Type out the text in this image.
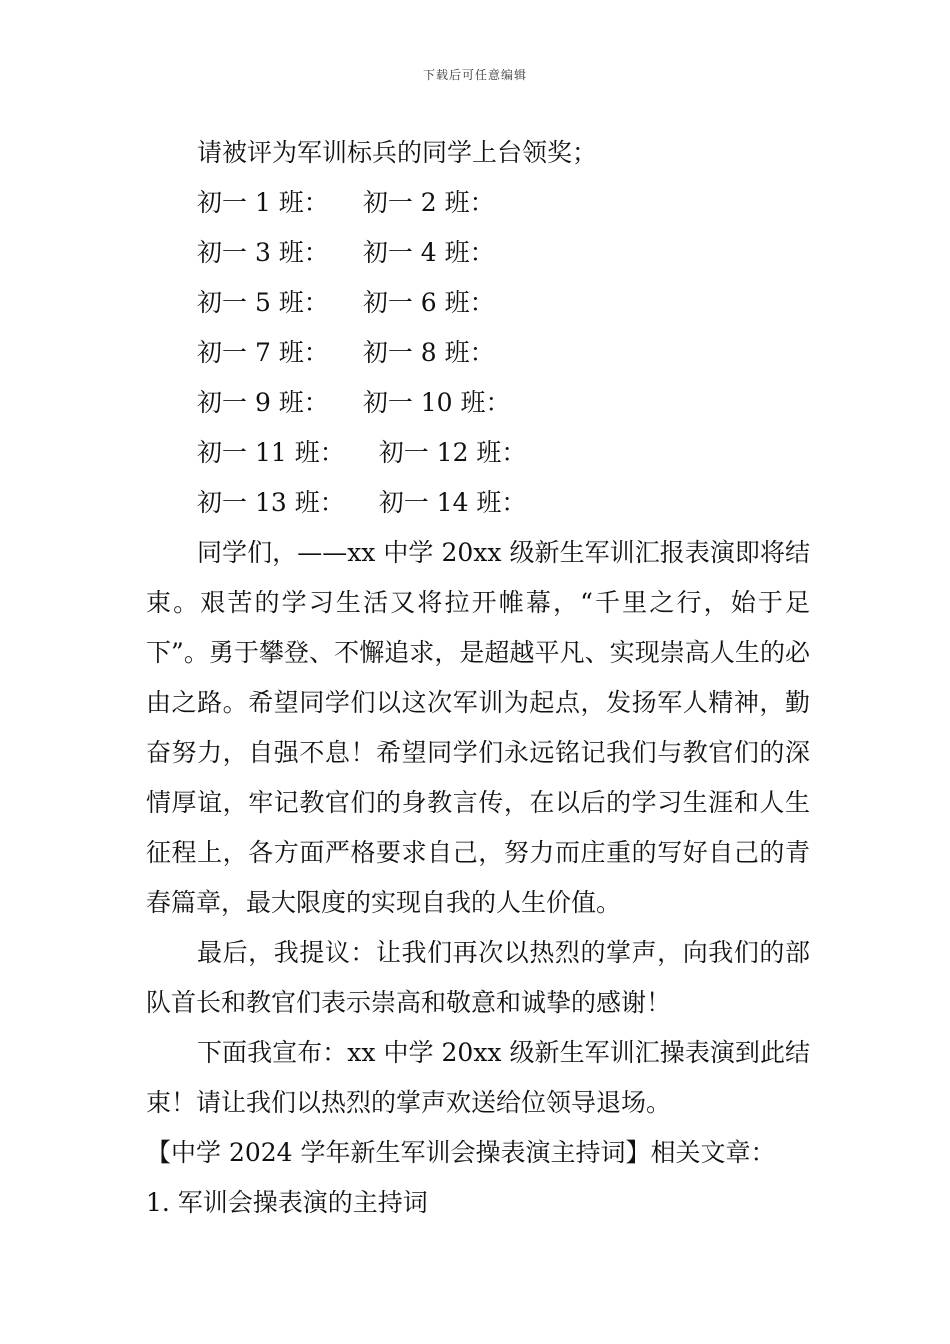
下载后可任意编辑
请被评为军训标兵的同学上台领奖；
初一 1 班： 初一 2 班：
初一 3 班： 初一 4 班：
初一 5 班： 初一 6 班：
初一 7 班： 初一 8 班：
初一 9 班： 初一 10 班：
初一 11 班： 初一 12 班：
初一 13 班： 初一 14 班：

同学们，——xx 中学 20xx 级新生军训汇报表演即将结束。艰苦的学习生活又将拉开帷幕，“千里之行，始于足下”。勇于攀登、不懈追求，是超越平凡、实现崇高人生的必由之路。希望同学们以这次军训为起点，发扬军人精神，勤奋努力，自强不息！希望同学们永远铭记我们与教官们的深情厚谊，牢记教官们的身教言传，在以后的学习生涯和人生征程上，各方面严格要求自己，努力而庄重的写好自己的青春篇章，最大限度的实现自我的人生价值。

最后，我提议：让我们再次以热烈的掌声，向我们的部队首长和教官们表示崇高和敬意和诚挚的感谢！

下面我宣布：xx 中学 20xx 级新生军训汇操表演到此结束！请让我们以热烈的掌声欢送给位领导退场。

【中学 2024 学年新生军训会操表演主持词】相关文章：
1. 军训会操表演的主持词
